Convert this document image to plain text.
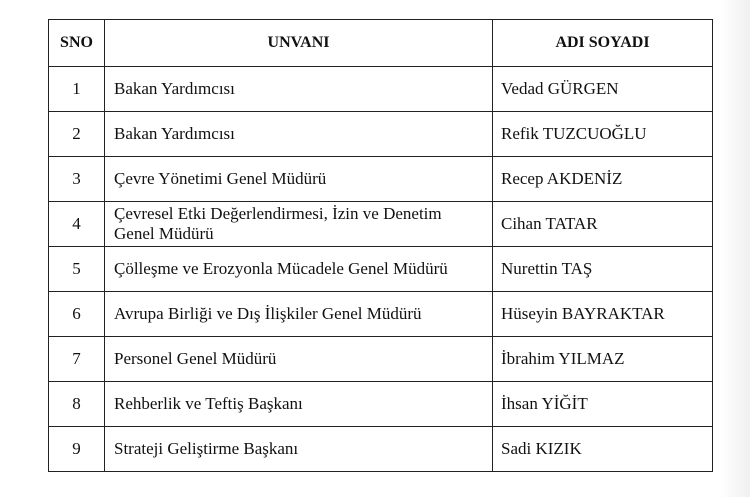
SNO	UNVANI	ADI SOYADI
1	Bakan Yardımcısı	Vedad GÜRGEN
2	Bakan Yardımcısı	Refik TUZCUOĞLU
3	Çevre Yönetimi Genel Müdürü	Recep AKDENİZ
4	Çevresel Etki Değerlendirmesi, İzin ve Denetim
Genel Müdürü	Cihan TATAR
5	Çölleşme ve Erozyonla Mücadele Genel Müdürü	Nurettin TAŞ
6	Avrupa Birliği ve Dış İlişkiler Genel Müdürü	Hüseyin BAYRAKTAR
7	Personel Genel Müdürü	İbrahim YILMAZ
8	Rehberlik ve Teftiş Başkanı	İhsan YİĞİT
9	Strateji Geliştirme Başkanı	Sadi KIZIK
